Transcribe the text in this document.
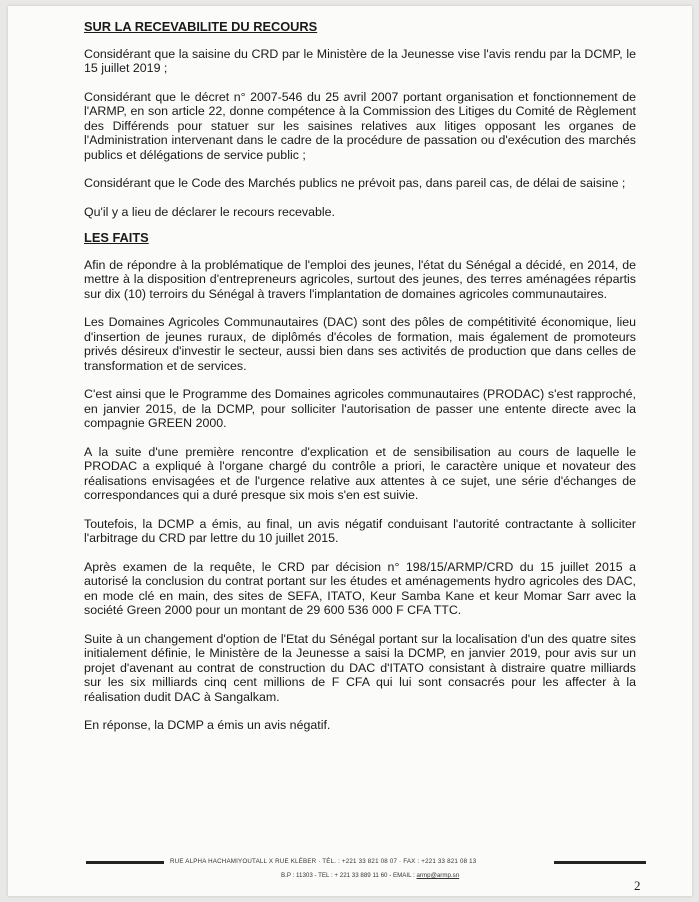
SUR LA RECEVABILITE DU RECOURS

Considérant que la saisine du CRD par le Ministère de la Jeunesse vise l'avis rendu par la DCMP, le 15 juillet 2019 ;

Considérant que le décret n° 2007-546 du 25 avril 2007 portant organisation et fonctionnement de l'ARMP, en son article 22, donne compétence à la Commission des Litiges du Comité de Règlement des Différends pour statuer sur les saisines relatives aux litiges opposant les organes de l'Administration intervenant dans le cadre de la procédure de passation ou d'exécution des marchés publics et délégations de service public ;

Considérant que le Code des Marchés publics ne prévoit pas, dans pareil cas, de délai de saisine ;

Qu'il y a lieu de déclarer le recours recevable.

LES FAITS

Afin de répondre à la problématique de l'emploi des jeunes, l'état du Sénégal a décidé, en 2014, de mettre à la disposition d'entrepreneurs agricoles, surtout des jeunes, des terres aménagées répartis sur dix (10) terroirs du Sénégal à travers l'implantation de domaines agricoles communautaires.

Les Domaines Agricoles Communautaires (DAC) sont des pôles de compétitivité économique, lieu d'insertion de jeunes ruraux, de diplômés d'écoles de formation, mais également de promoteurs privés désireux d'investir le secteur, aussi bien dans ses activités de production que dans celles de transformation et de services.

C'est ainsi que le Programme des Domaines agricoles communautaires (PRODAC) s'est rapproché, en janvier 2015, de la DCMP, pour solliciter l'autorisation de passer une entente directe avec la compagnie GREEN 2000.

A la suite d'une première rencontre d'explication et de sensibilisation au cours de laquelle le PRODAC a expliqué à l'organe chargé du contrôle a priori, le caractère unique et novateur des réalisations envisagées et de l'urgence relative aux attentes à ce sujet, une série d'échanges de correspondances qui a duré presque six mois s'en est suivie.

Toutefois, la DCMP a émis, au final, un avis négatif conduisant l'autorité contractante à solliciter l'arbitrage du CRD par lettre du 10 juillet 2015.

Après examen de la requête, le CRD par décision n° 198/15/ARMP/CRD du 15 juillet 2015 a autorisé la conclusion du contrat portant sur les études et aménagements hydro agricoles des DAC, en mode clé en main, des sites de SEFA, ITATO, Keur Samba Kane et keur Momar Sarr avec la société Green 2000 pour un montant de 29 600 536 000 F CFA TTC.

Suite à un changement d'option de l'Etat du Sénégal portant sur la localisation d'un des quatre sites initialement définie, le Ministère de la Jeunesse a saisi la DCMP, en janvier 2019, pour avis sur un projet d'avenant au contrat de construction du DAC d'ITATO consistant à distraire quatre milliards sur les six milliards cinq cent millions de F CFA qui lui sont consacrés pour les affecter à la réalisation dudit DAC à Sangalkam.

En réponse, la DCMP a émis un avis négatif.

RUE ALPHA HACHAMIYOUTALL X RUE KLÉBER · TÉL. : +221 33 821 08 07 · FAX : +221 33 821 08 13
B.P : 11303 - TEL : + 221 33 889 11 60 - EMAIL : armp@armp.sn
2
